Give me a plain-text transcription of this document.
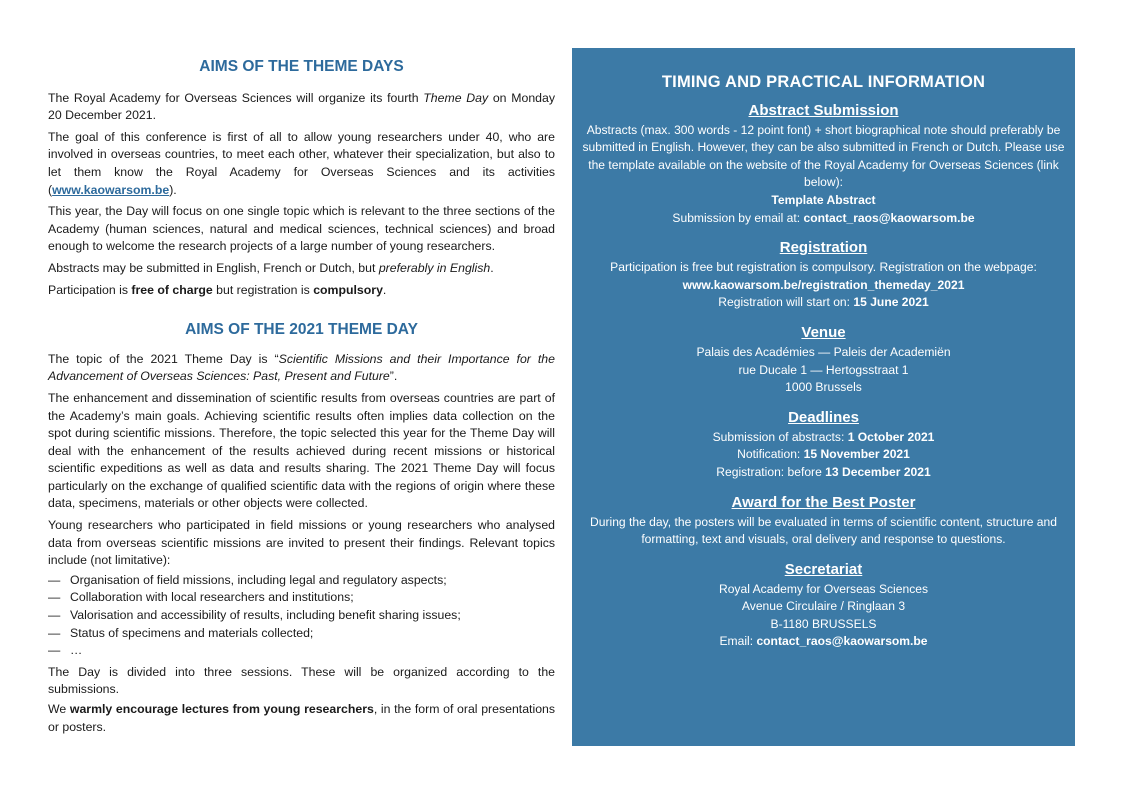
AIMS OF THE THEME DAYS

The Royal Academy for Overseas Sciences will organize its fourth Theme Day on Monday 20 December 2021.

The goal of this conference is first of all to allow young researchers under 40, who are involved in overseas countries, to meet each other, whatever their specialization, but also to let them know the Royal Academy for Overseas Sciences and its activities (www.kaowarsom.be).

This year, the Day will focus on one single topic which is relevant to the three sections of the Academy (human sciences, natural and medical sciences, technical sciences) and broad enough to welcome the research projects of a large number of young researchers.

Abstracts may be submitted in English, French or Dutch, but preferably in English.

Participation is free of charge but registration is compulsory.

AIMS OF THE 2021 THEME DAY

The topic of the 2021 Theme Day is “Scientific Missions and their Importance for the Advancement of Overseas Sciences: Past, Present and Future”.

The enhancement and dissemination of scientific results from overseas countries are part of the Academy’s main goals. Achieving scientific results often implies data collection on the spot during scientific missions. Therefore, the topic selected this year for the Theme Day will deal with the enhancement of the results achieved during recent missions or historical scientific expeditions as well as data and results sharing. The 2021 Theme Day will focus particularly on the exchange of qualified scientific data with the regions of origin where these data, specimens, materials or other objects were collected.

Young researchers who participated in field missions or young researchers who analysed data from overseas scientific missions are invited to present their findings. Relevant topics include (not limitative):

— Organisation of field missions, including legal and regulatory aspects;
— Collaboration with local researchers and institutions;
— Valorisation and accessibility of results, including benefit sharing issues;
— Status of specimens and materials collected;
— …

The Day is divided into three sessions. These will be organized according to the submissions.

We warmly encourage lectures from young researchers, in the form of oral presentations or posters.

TIMING AND PRACTICAL INFORMATION
Abstract Submission

Abstracts (max. 300 words - 12 point font) + short biographical note should preferably be submitted in English. However, they can be also submitted in French or Dutch. Please use the template available on the website of the Royal Academy for Overseas Sciences (link below):

Template Abstract

Submission by email at: contact_raos@kaowarsom.be

Registration

Participation is free but registration is compulsory. Registration on the webpage:

www.kaowarsom.be/registration_themeday_2021

Registration will start on: 15 June 2021

Venue

Palais des Académies — Paleis der Academiën

rue Ducale 1 — Hertogsstraat 1

1000 Brussels

Deadlines

Submission of abstracts: 1 October 2021

Notification: 15 November 2021

Registration: before 13 December 2021

Award for the Best Poster

During the day, the posters will be evaluated in terms of scientific content, structure and formatting, text and visuals, oral delivery and response to questions.

Secretariat

Royal Academy for Overseas Sciences

Avenue Circulaire / Ringlaan 3

B-1180 BRUSSELS

Email: contact_raos@kaowarsom.be
